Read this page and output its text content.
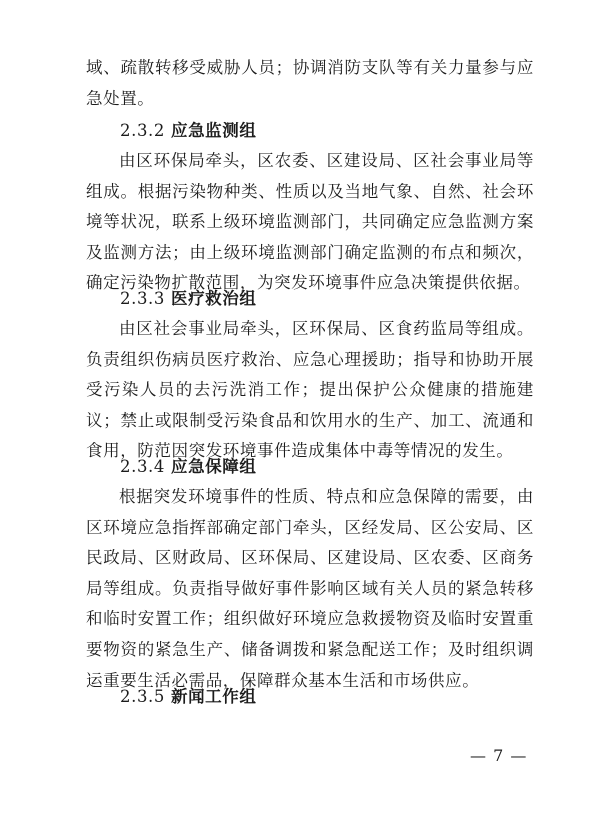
域、疏散转移受威胁人员；协调消防支队等有关力量参与应急处置。

2.3.2 应急监测组

由区环保局牵头，区农委、区建设局、区社会事业局等组成。根据污染物种类、性质以及当地气象、自然、社会环境等状况，联系上级环境监测部门，共同确定应急监测方案及监测方法；由上级环境监测部门确定监测的布点和频次，确定污染物扩散范围，为突发环境事件应急决策提供依据。

2.3.3 医疗救治组

由区社会事业局牵头，区环保局、区食药监局等组成。负责组织伤病员医疗救治、应急心理援助；指导和协助开展受污染人员的去污洗消工作；提出保护公众健康的措施建议；禁止或限制受污染食品和饮用水的生产、加工、流通和食用，防范因突发环境事件造成集体中毒等情况的发生。

2.3.4 应急保障组

根据突发环境事件的性质、特点和应急保障的需要，由区环境应急指挥部确定部门牵头，区经发局、区公安局、区民政局、区财政局、区环保局、区建设局、区农委、区商务局等组成。负责指导做好事件影响区域有关人员的紧急转移和临时安置工作；组织做好环境应急救援物资及临时安置重要物资的紧急生产、储备调拨和紧急配送工作；及时组织调运重要生活必需品，保障群众基本生活和市场供应。

2.3.5 新闻工作组
— 7 —
